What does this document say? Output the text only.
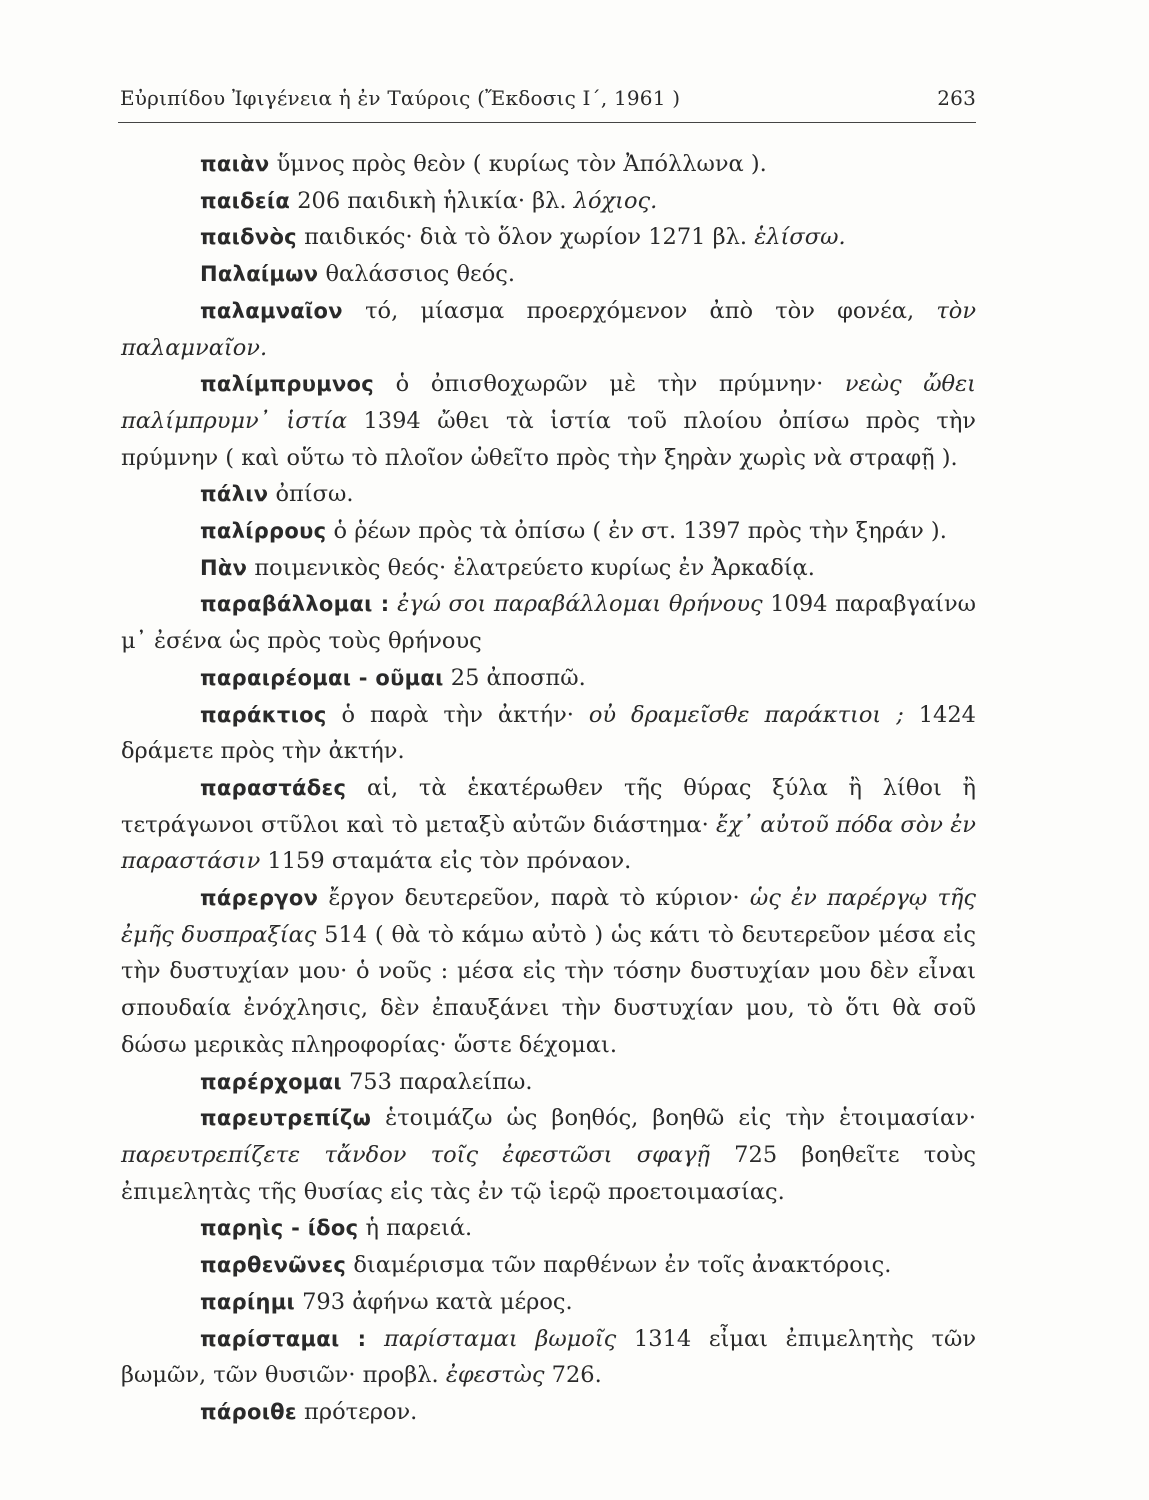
Εὐριπίδου Ἰφιγένεια ἡ ἐν Ταύροις (Ἔκδοσις Ι΄, 1961 )	263

παιὰν ὕμνος πρὸς θεὸν ( κυρίως τὸν Ἀπόλλωνα ).

παιδεία 206 παιδικὴ ἡλικία· βλ. λόχιος.

παιδνὸς παιδικός· διὰ τὸ ὅλον χωρίον 1271 βλ. ἑλίσσω.

Παλαίμων θαλάσσιος θεός.

παλαμναῖον τό, μίασμα προερχόμενον ἀπὸ τὸν φονέα, τὸν παλαμναῖον.

παλίμπρυμνος ὁ ὀπισθοχωρῶν μὲ τὴν πρύμνην· νεὼς ὤθει παλίμπρυμν᾽ ἱστία 1394 ὤθει τὰ ἱστία τοῦ πλοίου ὀπίσω πρὸς τὴν πρύμνην ( καὶ οὕτω τὸ πλοῖον ὠθεῖτο πρὸς τὴν ξηρὰν χωρὶς νὰ στραφῇ ).

πάλιν ὀπίσω.

παλίρρους ὁ ῥέων πρὸς τὰ ὀπίσω ( ἐν στ. 1397 πρὸς τὴν ξηράν ).

Πὰν ποιμενικὸς θεός· ἐλατρεύετο κυρίως ἐν Ἀρκαδίᾳ.

παραβάλλομαι : ἐγώ σοι παραβάλλομαι θρήνους 1094 παραβγαίνω μ᾽ ἐσένα ὡς πρὸς τοὺς θρήνους

παραιρέομαι - οῦμαι 25 ἀποσπῶ.

παράκτιος ὁ παρὰ τὴν ἀκτήν· οὐ δραμεῖσθε παράκτιοι ; 1424 δράμετε πρὸς τὴν ἀκτήν.

παραστάδες αἱ, τὰ ἑκατέρωθεν τῆς θύρας ξύλα ἢ λίθοι ἢ τετράγωνοι στῦλοι καὶ τὸ μεταξὺ αὐτῶν διάστημα· ἔχ᾽ αὐτοῦ πόδα σὸν ἐν παραστάσιν 1159 σταμάτα εἰς τὸν πρόναον.

πάρεργον ἔργον δευτερεῦον, παρὰ τὸ κύριον· ὡς ἐν παρέργῳ τῆς ἐμῆς δυσπραξίας 514 ( θὰ τὸ κάμω αὐτὸ ) ὡς κάτι τὸ δευτερεῦον μέσα εἰς τὴν δυστυχίαν μου· ὁ νοῦς : μέσα εἰς τὴν τόσην δυστυχίαν μου δὲν εἶναι σπουδαία ἐνόχλησις, δὲν ἐπαυξάνει τὴν δυστυχίαν μου, τὸ ὅτι θὰ σοῦ δώσω μερικὰς πληροφορίας· ὥστε δέχομαι.

παρέρχομαι 753 παραλείπω.

παρευτρεπίζω ἑτοιμάζω ὡς βοηθός, βοηθῶ εἰς τὴν ἑτοιμασίαν· παρευτρεπίζετε τἄνδον τοῖς ἐφεστῶσι σφαγῇ 725 βοηθεῖτε τοὺς ἐπιμελητὰς τῆς θυσίας εἰς τὰς ἐν τῷ ἱερῷ προετοιμασίας.

παρηὶς - ίδος ἡ παρειά.

παρθενῶνες διαμέρισμα τῶν παρθένων ἐν τοῖς ἀνακτόροις.

παρίημι 793 ἀφήνω κατὰ μέρος.

παρίσταμαι : παρίσταμαι βωμοῖς 1314 εἶμαι ἐπιμελητὴς τῶν βωμῶν, τῶν θυσιῶν· προβλ. ἐφεστὼς 726.

πάροιθε πρότερον.
